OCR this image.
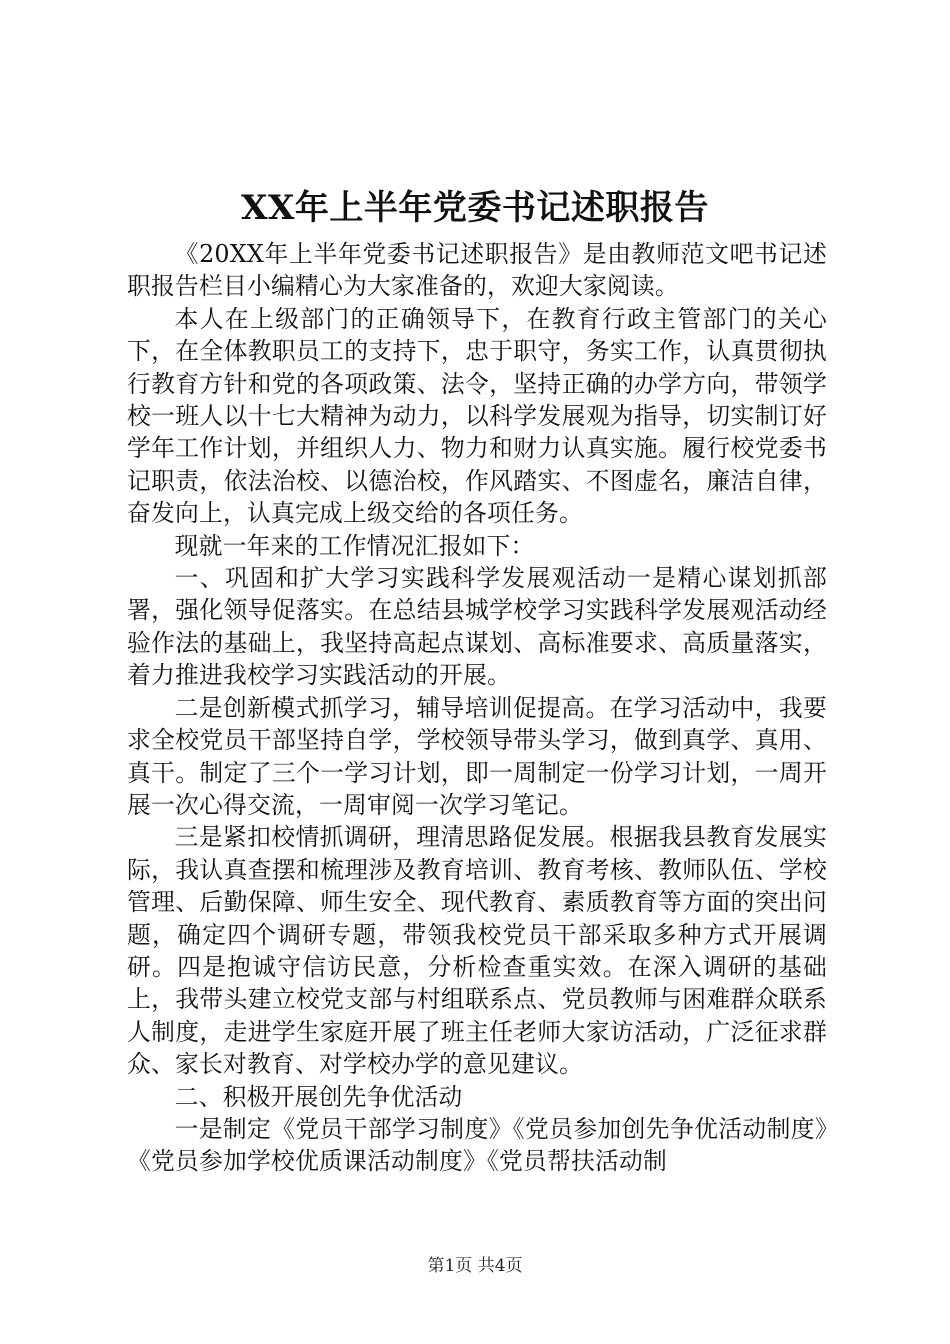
XX年上半年党委书记述职报告

《20XX年上半年党委书记述职报告》是由教师范文吧书记述职报告栏目小编精心为大家准备的，欢迎大家阅读。

本人在上级部门的正确领导下，在教育行政主管部门的关心下，在全体教职员工的支持下，忠于职守，务实工作，认真贯彻执行教育方针和党的各项政策、法令，坚持正确的办学方向，带领学校一班人以十七大精神为动力，以科学发展观为指导，切实制订好学年工作计划，并组织人力、物力和财力认真实施。履行校党委书记职责，依法治校、以德治校，作风踏实、不图虚名，廉洁自律，奋发向上，认真完成上级交给的各项任务。

现就一年来的工作情况汇报如下：

一、巩固和扩大学习实践科学发展观活动一是精心谋划抓部署，强化领导促落实。在总结县城学校学习实践科学发展观活动经验作法的基础上，我坚持高起点谋划、高标准要求、高质量落实，着力推进我校学习实践活动的开展。

二是创新模式抓学习，辅导培训促提高。在学习活动中，我要求全校党员干部坚持自学，学校领导带头学习，做到真学、真用、真干。制定了三个一学习计划，即一周制定一份学习计划，一周开展一次心得交流，一周审阅一次学习笔记。

三是紧扣校情抓调研，理清思路促发展。根据我县教育发展实际，我认真查摆和梳理涉及教育培训、教育考核、教师队伍、学校管理、后勤保障、师生安全、现代教育、素质教育等方面的突出问题，确定四个调研专题，带领我校党员干部采取多种方式开展调研。四是抱诚守信访民意，分析检查重实效。在深入调研的基础上，我带头建立校党支部与村组联系点、党员教师与困难群众联系人制度，走进学生家庭开展了班主任老师大家访活动，广泛征求群众、家长对教育、对学校办学的意见建议。

二、积极开展创先争优活动

一是制定《党员干部学习制度》《党员参加创先争优活动制度》《党员参加学校优质课活动制度》《党员帮扶活动制

第1页 共4页
